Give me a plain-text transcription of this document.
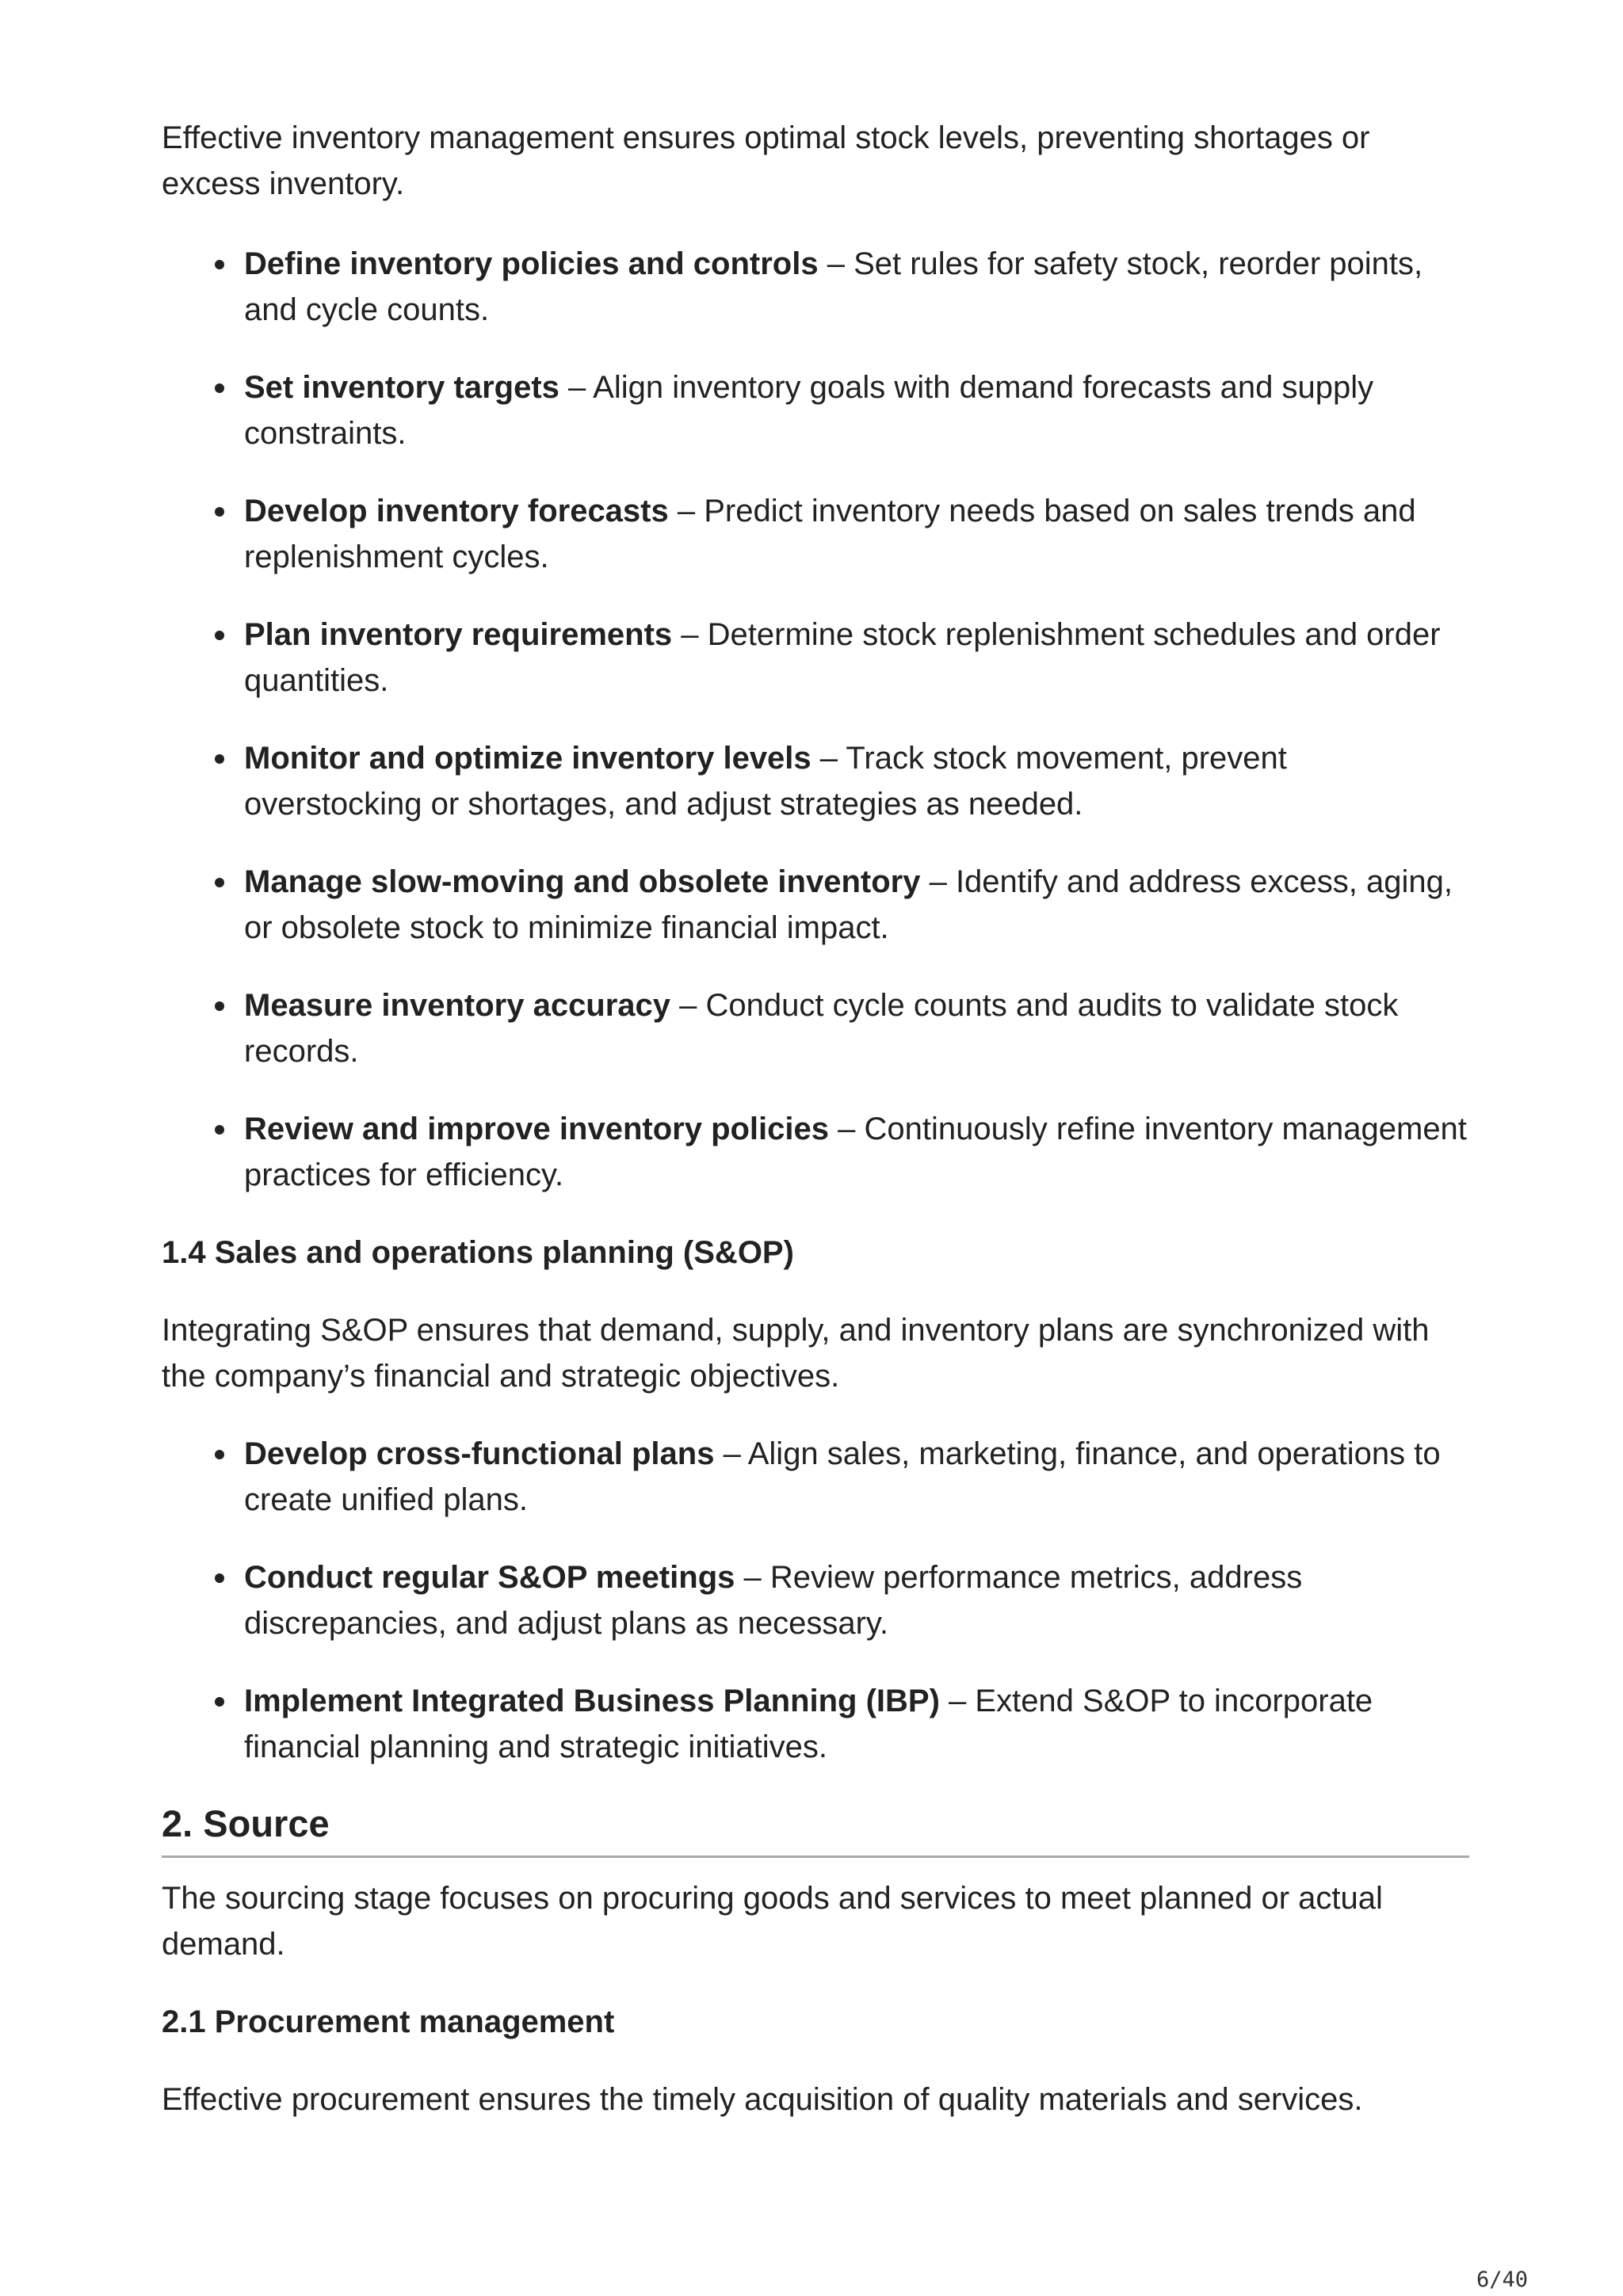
Effective inventory management ensures optimal stock levels, preventing shortages or excess inventory.

Define inventory policies and controls – Set rules for safety stock, reorder points, and cycle counts.
Set inventory targets – Align inventory goals with demand forecasts and supply constraints.
Develop inventory forecasts – Predict inventory needs based on sales trends and replenishment cycles.
Plan inventory requirements – Determine stock replenishment schedules and order quantities.
Monitor and optimize inventory levels – Track stock movement, prevent overstocking or shortages, and adjust strategies as needed.
Manage slow-moving and obsolete inventory – Identify and address excess, aging, or obsolete stock to minimize financial impact.
Measure inventory accuracy – Conduct cycle counts and audits to validate stock records.
Review and improve inventory policies – Continuously refine inventory management practices for efficiency.

1.4 Sales and operations planning (S&OP)

Integrating S&OP ensures that demand, supply, and inventory plans are synchronized with the company’s financial and strategic objectives.

Develop cross-functional plans – Align sales, marketing, finance, and operations to create unified plans.
Conduct regular S&OP meetings – Review performance metrics, address discrepancies, and adjust plans as necessary.
Implement Integrated Business Planning (IBP) – Extend S&OP to incorporate financial planning and strategic initiatives.
2. Source

The sourcing stage focuses on procuring goods and services to meet planned or actual demand.

2.1 Procurement management

Effective procurement ensures the timely acquisition of quality materials and services.

6/40
